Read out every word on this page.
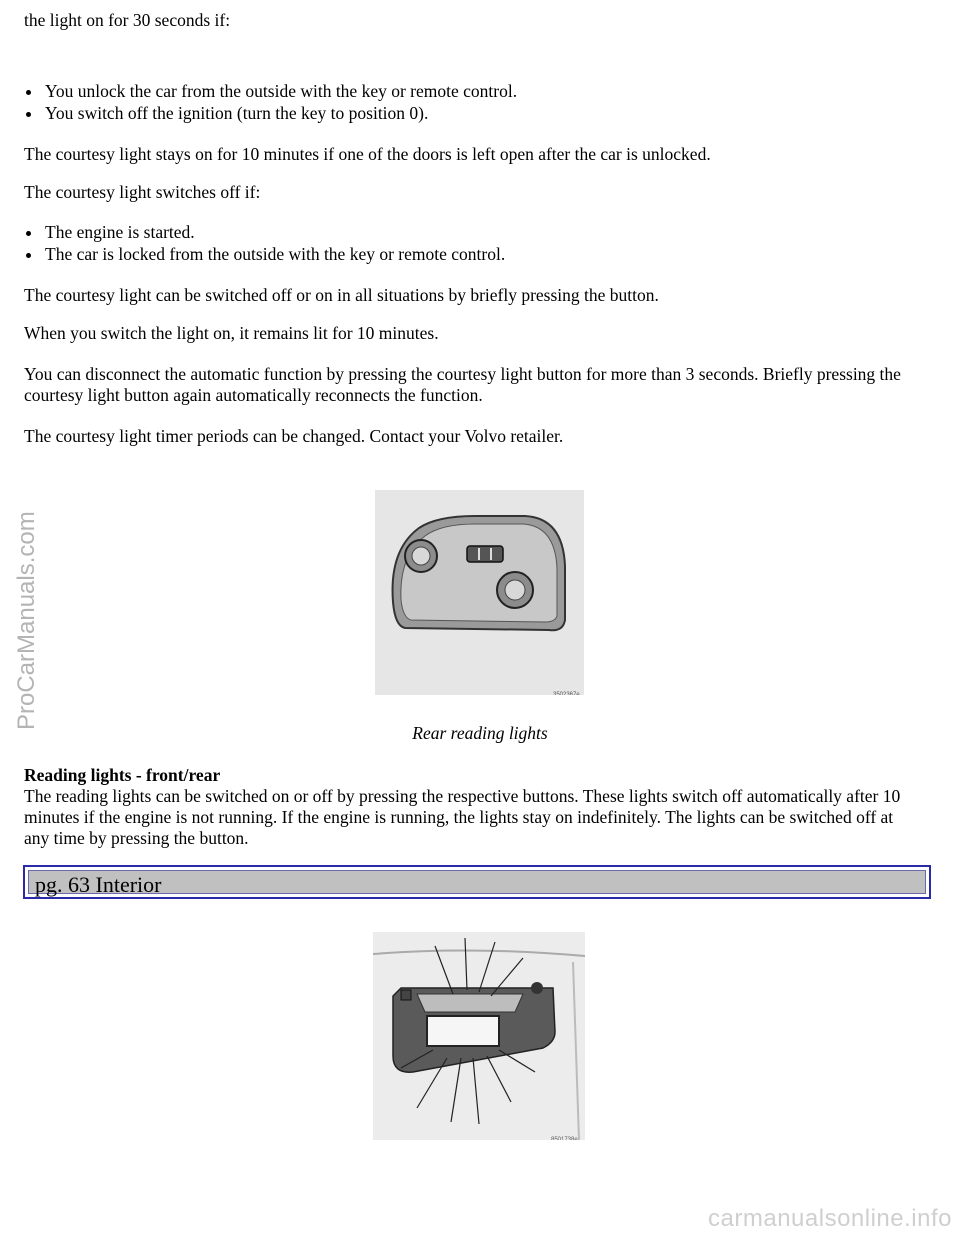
the light on for 30 seconds if:

You unlock the car from the outside with the key or remote control.
You switch off the ignition (turn the key to position 0).

The courtesy light stays on for 10 minutes if one of the doors is left open after the car is unlocked.

The courtesy light switches off if:

The engine is started.
The car is locked from the outside with the key or remote control.

The courtesy light can be switched off or on in all situations by briefly pressing the button.

When you switch the light on, it remains lit for 10 minutes.

You can disconnect the automatic function by pressing the courtesy light button for more than 3 seconds. Briefly pressing the courtesy light button again automatically reconnects the function.

The courtesy light timer periods can be changed. Contact your Volvo retailer.

3502367e

Rear reading lights

Reading lights - front/rear

The reading lights can be switched on or off by pressing the respective buttons. These lights switch off automatically after 10 minutes if the engine is not running. If the engine is running, the lights stay on indefinitely. The lights can be switched off at any time by pressing the button.

8501738e
pg. 63 Interior
ProCarManuals.com
carmanualsonline.info
